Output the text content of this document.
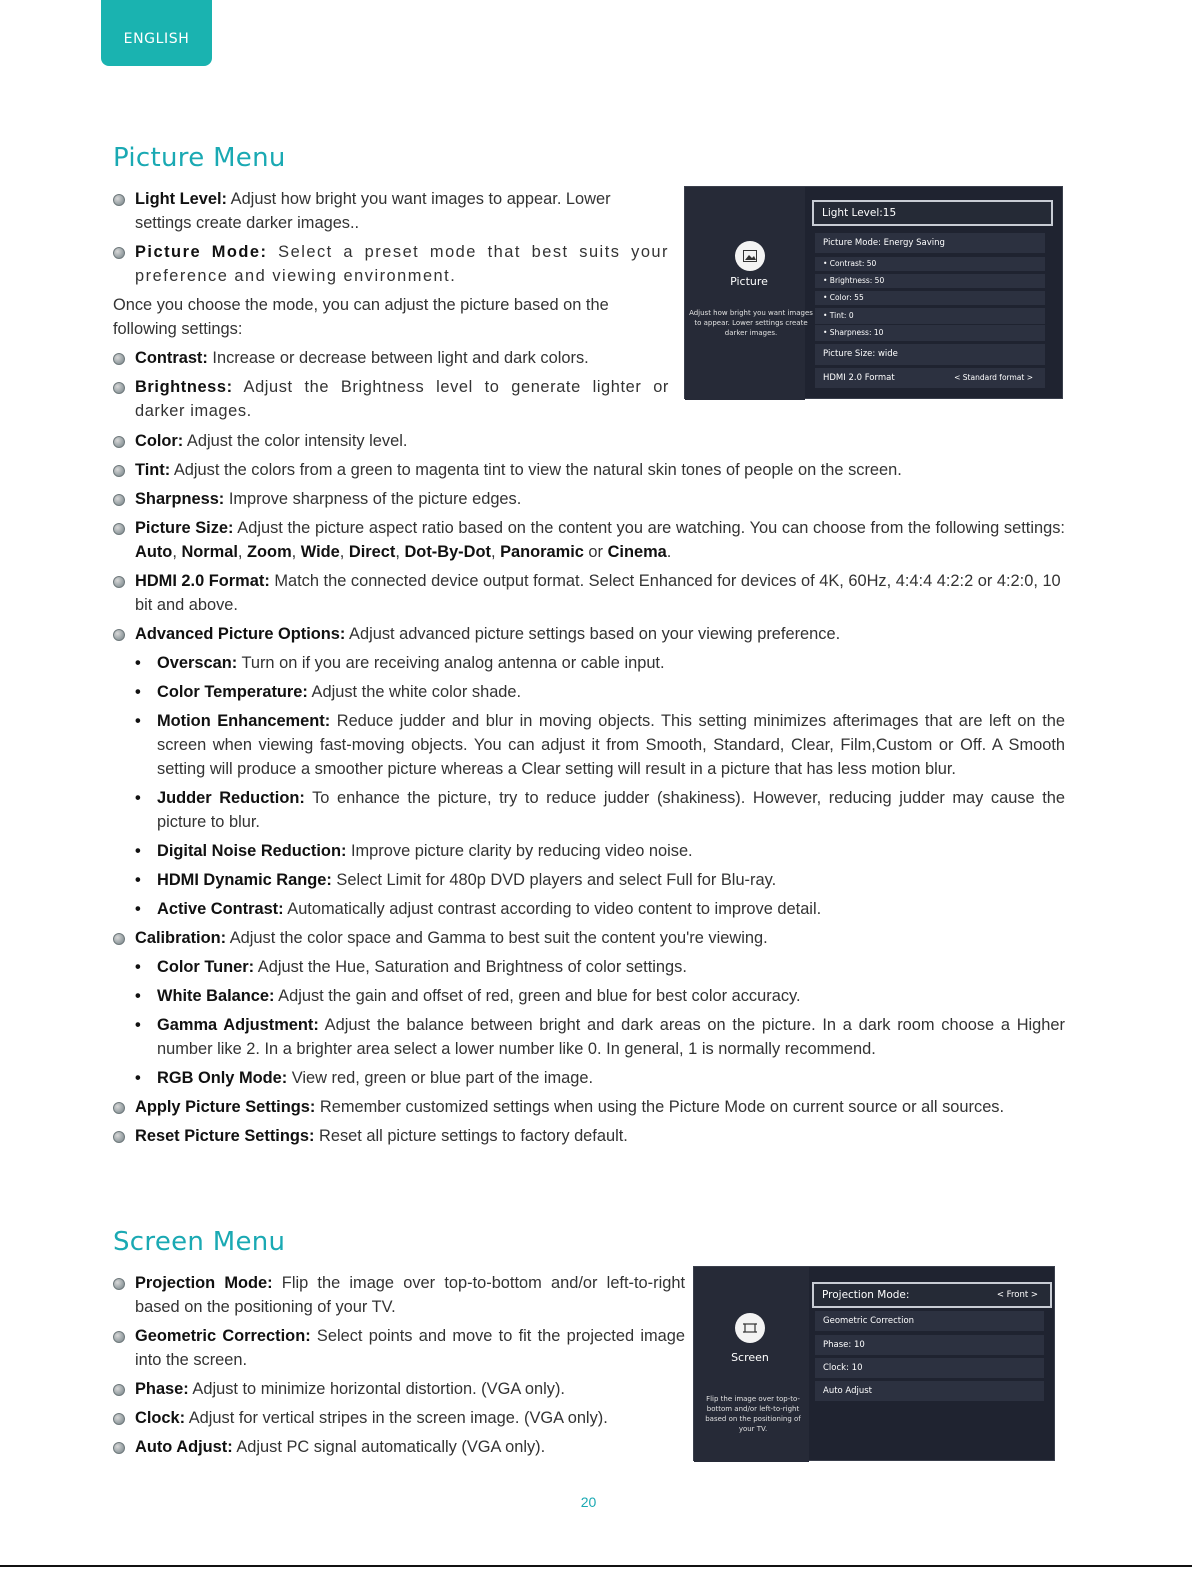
ENGLISH
Picture Menu
Light Level: Adjust how bright you want images to appear. Lower settings create darker images..
Picture Mode: Select a preset mode that best suits your preference and viewing environment.
Once you choose the mode, you can adjust the picture based on the following settings:
Contrast: Increase or decrease between light and dark colors.
Brightness: Adjust the Brightness level to generate lighter or darker images.
Color: Adjust the color intensity level.
Tint: Adjust the colors from a green to magenta tint to view the natural skin tones of people on the screen.
Sharpness: Improve sharpness of the picture edges.
Picture Size: Adjust the picture aspect ratio based on the content you are watching. You can choose from the following settings: Auto, Normal, Zoom, Wide, Direct, Dot-By-Dot, Panoramic or Cinema.
HDMI 2.0 Format: Match the connected device output format. Select Enhanced for devices of 4K, 60Hz, 4:4:4 4:2:2 or 4:2:0, 10 bit and above.
Advanced Picture Options: Adjust advanced picture settings based on your viewing preference.
• Overscan: Turn on if you are receiving analog antenna or cable input.
• Color Temperature: Adjust the white color shade.
• Motion Enhancement: Reduce judder and blur in moving objects. This setting minimizes afterimages that are left on the screen when viewing fast-moving objects. You can adjust it from Smooth, Standard, Clear, Film,Custom or Off. A Smooth setting will produce a smoother picture whereas a Clear setting will result in a picture that has less motion blur.
• Judder Reduction: To enhance the picture, try to reduce judder (shakiness). However, reducing judder may cause the picture to blur.
• Digital Noise Reduction: Improve picture clarity by reducing video noise.
• HDMI Dynamic Range: Select Limit for 480p DVD players and select Full for Blu-ray.
• Active Contrast: Automatically adjust contrast according to video content to improve detail.
Calibration: Adjust the color space and Gamma to best suit the content you're viewing.
• Color Tuner: Adjust the Hue, Saturation and Brightness of color settings.
• White Balance: Adjust the gain and offset of red, green and blue for best color accuracy.
• Gamma Adjustment: Adjust the balance between bright and dark areas on the picture. In a dark room choose a Higher number like 2. In a brighter area select a lower number like 0. In general, 1 is normally recommend.
• RGB Only Mode: View red, green or blue part of the image.
Apply Picture Settings: Remember customized settings when using the Picture Mode on current source or all sources.
Reset Picture Settings: Reset all picture settings to factory default.
Picture
Adjust how bright you want images to appear. Lower settings create darker images.
Light Level:15
Picture Mode: Energy Saving
• Contrast: 50
• Brightness: 50
• Color: 55
• Tint: 0
• Sharpness: 10
Picture Size: wide
HDMI 2.0 Format	< Standard format >
Screen Menu
Projection Mode: Flip the image over top-to-bottom and/or left-to-right based on the positioning of your TV.
Geometric Correction: Select points and move to fit the projected image into the screen.
Phase: Adjust to minimize horizontal distortion. (VGA only).
Clock: Adjust for vertical stripes in the screen image. (VGA only).
Auto Adjust: Adjust PC signal automatically (VGA only).
Screen
Flip the image over top-to-bottom and/or left-to-right based on the positioning of your TV.
Projection Mode:	< Front >
Geometric Correction
Phase: 10
Clock: 10
Auto Adjust
20
